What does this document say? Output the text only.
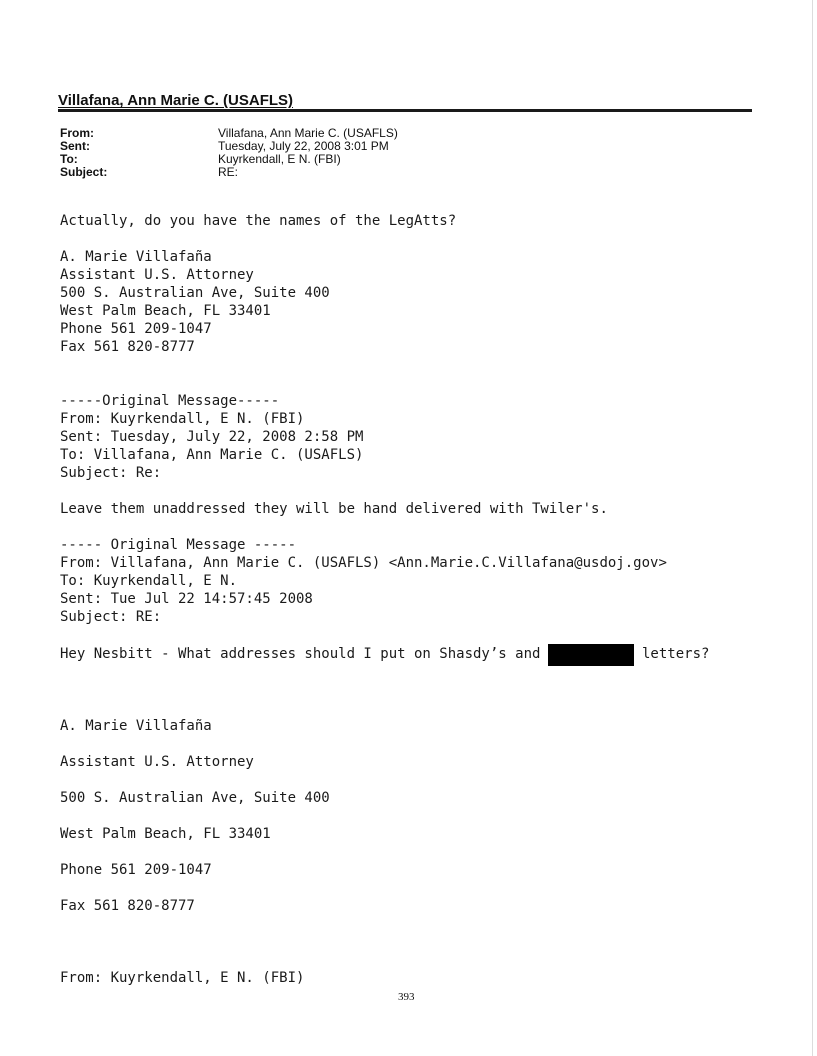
Villafana, Ann Marie C. (USAFLS)
From:	Villafana, Ann Marie C. (USAFLS)
Sent:	Tuesday, July 22, 2008 3:01 PM
To:	Kuyrkendall, E N. (FBI)
Subject:	RE:
Actually, do you have the names of the LegAtts?
A. Marie Villafaña
Assistant U.S. Attorney
500 S. Australian Ave, Suite 400
West Palm Beach, FL 33401
Phone 561 209-1047
Fax 561 820-8777
-----Original Message-----
From: Kuyrkendall, E N. (FBI)
Sent: Tuesday, July 22, 2008 2:58 PM
To: Villafana, Ann Marie C. (USAFLS)
Subject: Re:
Leave them unaddressed they will be hand delivered with Twiler's.
----- Original Message -----
From: Villafana, Ann Marie C. (USAFLS) <Ann.Marie.C.Villafana@usdoj.gov>
To: Kuyrkendall, E N.
Sent: Tue Jul 22 14:57:45 2008
Subject: RE:
Hey Nesbitt - What addresses should I put on Shasdy’s and	letters?
A. Marie Villafaña
Assistant U.S. Attorney
500 S. Australian Ave, Suite 400
West Palm Beach, FL 33401
Phone 561 209-1047
Fax 561 820-8777
From: Kuyrkendall, E N. (FBI)
393
